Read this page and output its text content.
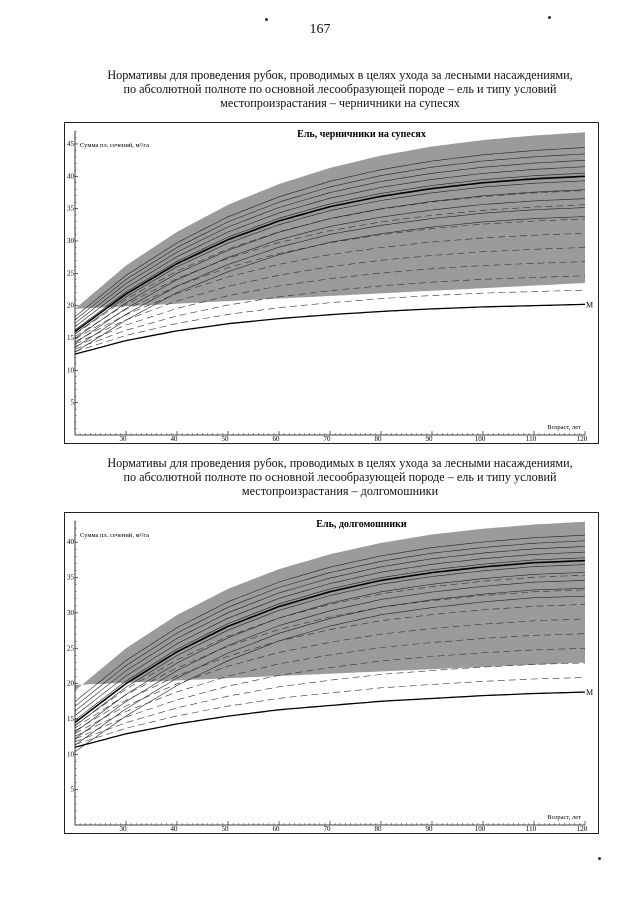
167
Нормативы для проведения рубок, проводимых в целях ухода за лесными насаждениями,
по абсолютной полноте по основной лесообразующей породе – ель и типу условий
местопроизрастания – черничники на супесях
М
5
10
15
20
25
30
35
40
45
30	40	50	60	70	80	90	100	110	120
Ель, черничники на супесях
Сумма пл. сечений, м²/га
Возраст, лет
Нормативы для проведения рубок, проводимых в целях ухода за лесными насаждениями,
по абсолютной полноте по основной лесообразующей породе – ель и типу условий
местопроизрастания – долгомошники
М
5
10
15
20
25
30
35
40
30	40	50	60	70	80	90	100	110	120
Ель, долгомошники
Сумма пл. сечений, м²/га
Возраст, лет
